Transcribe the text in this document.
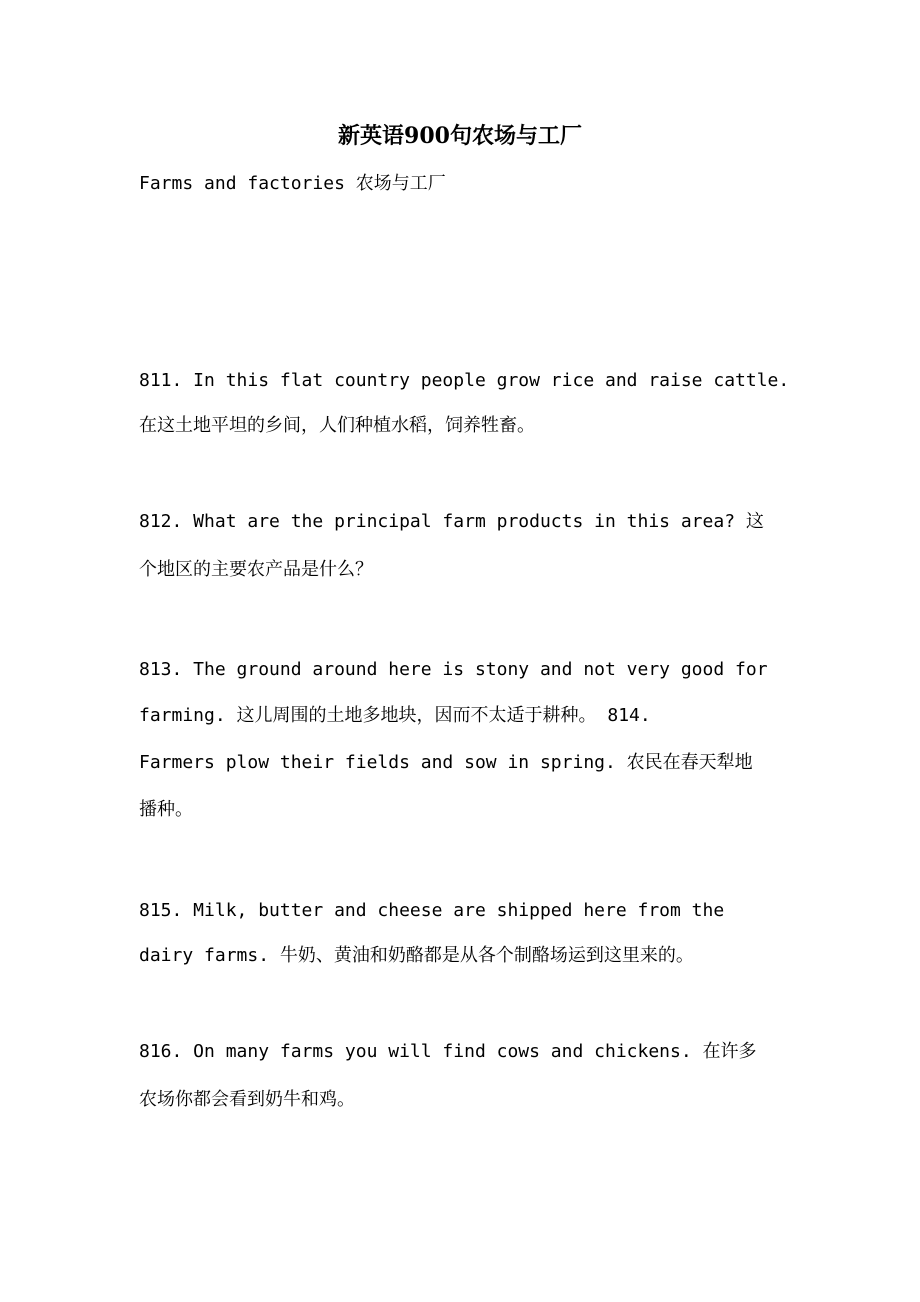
新英语900句农场与工厂
Farms and factories 农场与工厂
811. In this flat country people grow rice and raise cattle.
在这土地平坦的乡间，人们种植水稻，饲养牲畜。
812. What are the principal farm products in this area? 这
个地区的主要农产品是什么？
813. The ground around here is stony and not very good for
farming. 这儿周围的土地多地块，因而不太适于耕种。 814.
Farmers plow their fields and sow in spring. 农民在春天犁地
播种。
815. Milk, butter and cheese are shipped here from the
dairy farms. 牛奶、黄油和奶酪都是从各个制酪场运到这里来的。
816. On many farms you will find cows and chickens. 在许多
农场你都会看到奶牛和鸡。
